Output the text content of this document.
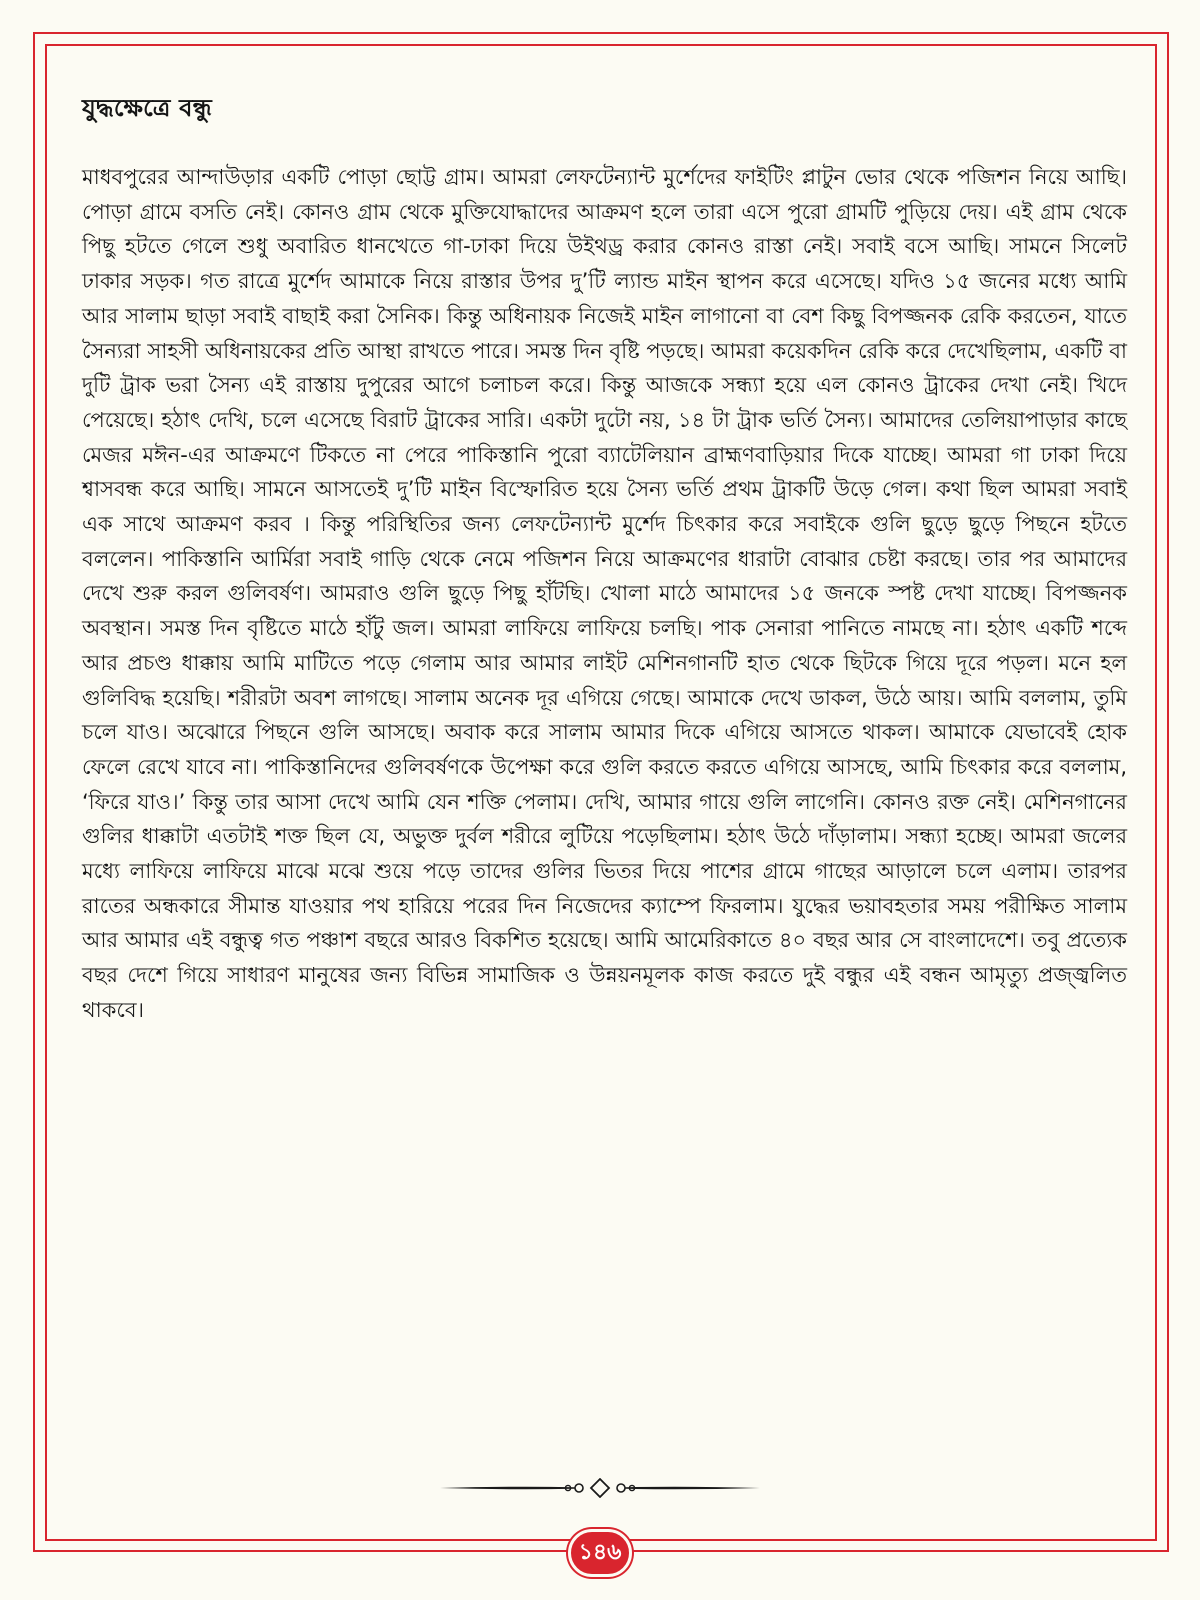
যুদ্ধক্ষেত্রে বন্ধু

মাধবপুরের আন্দাউড়ার একটি পোড়া ছোট্ট গ্রাম। আমরা লেফটেন্যান্ট মুর্শেদের ফাইটিং প্লাটুন ভোর থেকে পজিশন নিয়ে আছি। পোড়া গ্রামে বসতি নেই। কোনও গ্রাম থেকে মুক্তিযোদ্ধাদের আক্রমণ হলে তারা এসে পুরো গ্রামটি পুড়িয়ে দেয়। এই গ্রাম থেকে পিছু হটতে গেলে শুধু অবারিত ধানখেতে গা-ঢাকা দিয়ে উইথড্র করার কোনও রাস্তা নেই। সবাই বসে আছি। সামনে সিলেট ঢাকার সড়ক। গত রাত্রে মুর্শেদ আমাকে নিয়ে রাস্তার উপর দু’টি ল্যান্ড মাইন স্থাপন করে এসেছে। যদিও ১৫ জনের মধ্যে আমি আর সালাম ছাড়া সবাই বাছাই করা সৈনিক। কিন্তু অধিনায়ক নিজেই মাইন লাগানো বা বেশ কিছু বিপজ্জনক রেকি করতেন, যাতে সৈন্যরা সাহসী অধিনায়কের প্রতি আস্থা রাখতে পারে। সমস্ত দিন বৃষ্টি পড়ছে। আমরা কয়েকদিন রেকি করে দেখেছিলাম, একটি বা দুটি ট্রাক ভরা সৈন্য এই রাস্তায় দুপুরের আগে চলাচল করে। কিন্তু আজকে সন্ধ্যা হয়ে এল কোনও ট্রাকের দেখা নেই। খিদে পেয়েছে। হঠাৎ দেখি, চলে এসেছে বিরাট ট্রাকের সারি। একটা দুটো নয়, ১৪ টা ট্রাক ভর্তি সৈন্য। আমাদের তেলিয়াপাড়ার কাছে মেজর মঈন-এর আক্রমণে টিকতে না পেরে পাকিস্তানি পুরো ব্যাটেলিয়ান ব্রাহ্মণবাড়িয়ার দিকে যাচ্ছে। আমরা গা ঢাকা দিয়ে শ্বাসবন্ধ করে আছি। সামনে আসতেই দু’টি মাইন বিস্ফোরিত হয়ে সৈন্য ভর্তি প্রথম ট্রাকটি উড়ে গেল। কথা ছিল আমরা সবাই এক সাথে আক্রমণ করব । কিন্তু পরিস্থিতির জন্য লেফটেন্যান্ট মুর্শেদ চিৎকার করে সবাইকে গুলি ছুড়ে ছুড়ে পিছনে হটতে বললেন। পাকিস্তানি আর্মিরা সবাই গাড়ি থেকে নেমে পজিশন নিয়ে আক্রমণের ধারাটা বোঝার চেষ্টা করছে। তার পর আমাদের দেখে শুরু করল গুলিবর্ষণ। আমরাও গুলি ছুড়ে পিছু হাঁটছি। খোলা মাঠে আমাদের ১৫ জনকে স্পষ্ট দেখা যাচ্ছে। বিপজ্জনক অবস্থান। সমস্ত দিন বৃষ্টিতে মাঠে হাঁটু জল। আমরা লাফিয়ে লাফিয়ে চলছি। পাক সেনারা পানিতে নামছে না। হঠাৎ একটি শব্দে আর প্রচণ্ড ধাক্কায় আমি মাটিতে পড়ে গেলাম আর আমার লাইট মেশিনগানটি হাত থেকে ছিটকে গিয়ে দূরে পড়ল। মনে হল গুলিবিদ্ধ হয়েছি। শরীরটা অবশ লাগছে। সালাম অনেক দূর এগিয়ে গেছে। আমাকে দেখে ডাকল, উঠে আয়। আমি বললাম, তুমি চলে যাও। অঝোরে পিছনে গুলি আসছে। অবাক করে সালাম আমার দিকে এগিয়ে আসতে থাকল। আমাকে যেভাবেই হোক ফেলে রেখে যাবে না। পাকিস্তানিদের গুলিবর্ষণকে উপেক্ষা করে গুলি করতে করতে এগিয়ে আসছে, আমি চিৎকার করে বললাম, ‘ফিরে যাও।’ কিন্তু তার আসা দেখে আমি যেন শক্তি পেলাম। দেখি, আমার গায়ে গুলি লাগেনি। কোনও রক্ত নেই। মেশিনগানের গুলির ধাক্কাটা এতটাই শক্ত ছিল যে, অভুক্ত দুর্বল শরীরে লুটিয়ে পড়েছিলাম। হঠাৎ উঠে দাঁড়ালাম। সন্ধ্যা হচ্ছে। আমরা জলের মধ্যে লাফিয়ে লাফিয়ে মাঝে মঝে শুয়ে পড়ে তাদের গুলির ভিতর দিয়ে পাশের গ্রামে গাছের আড়ালে চলে এলাম। তারপর রাতের অন্ধকারে সীমান্ত যাওয়ার পথ হারিয়ে পরের দিন নিজেদের ক্যাম্পে ফিরলাম। যুদ্ধের ভয়াবহতার সময় পরীক্ষিত সালাম আর আমার এই বন্ধুত্ব গত পঞ্চাশ বছরে আরও বিকশিত হয়েছে। আমি আমেরিকাতে ৪০ বছর আর সে বাংলাদেশে। তবু প্রত্যেক বছর দেশে গিয়ে সাধারণ মানুষের জন্য বিভিন্ন সামাজিক ও উন্নয়নমূলক কাজ করতে দুই বন্ধুর এই বন্ধন আমৃত্যু প্রজ্জ্বলিত থাকবে।

১৪৬
